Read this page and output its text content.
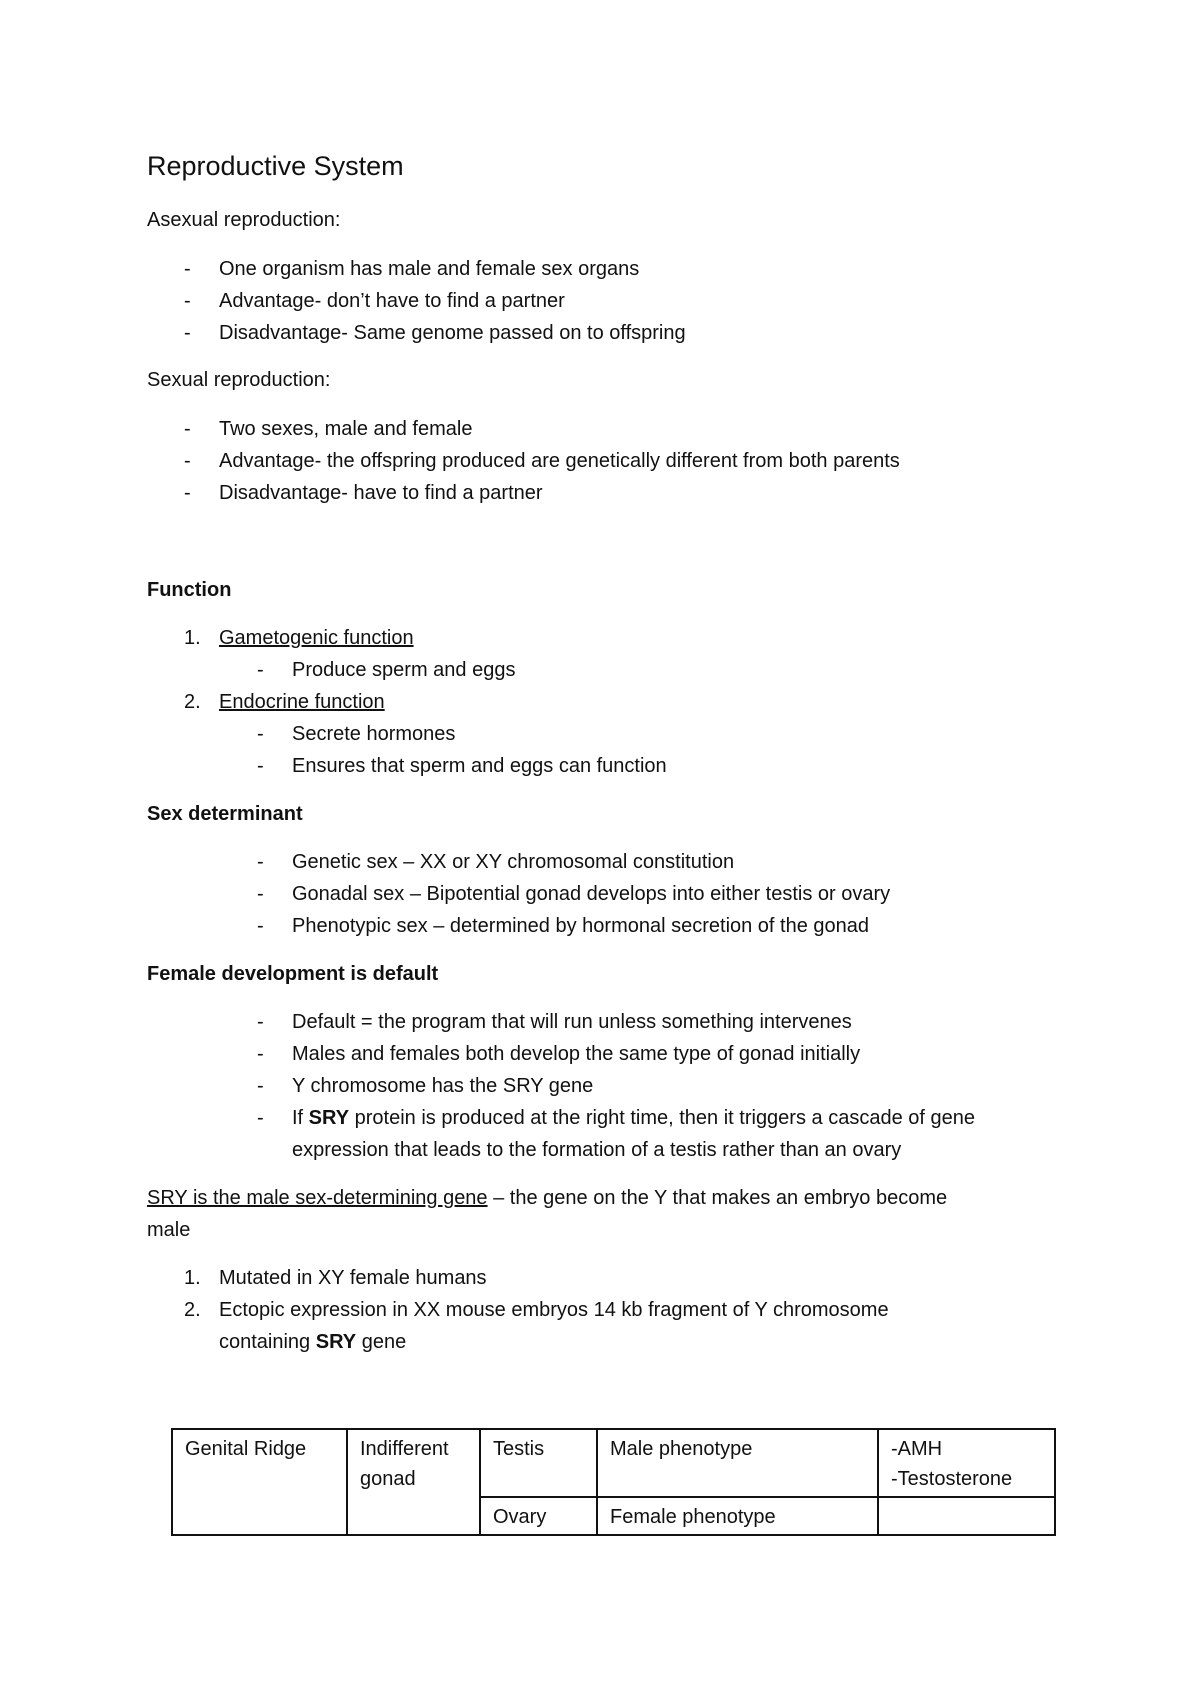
Reproductive System
Asexual reproduction:
- One organism has male and female sex organs
- Advantage- don’t have to find a partner
- Disadvantage- Same genome passed on to offspring
Sexual reproduction:
- Two sexes, male and female
- Advantage- the offspring produced are genetically different from both parents
- Disadvantage- have to find a partner
Function
1. Gametogenic function
- Produce sperm and eggs
2. Endocrine function
- Secrete hormones
- Ensures that sperm and eggs can function
Sex determinant
- Genetic sex – XX or XY chromosomal constitution
- Gonadal sex – Bipotential gonad develops into either testis or ovary
- Phenotypic sex – determined by hormonal secretion of the gonad
Female development is default
- Default = the program that will run unless something intervenes
- Males and females both develop the same type of gonad initially
- Y chromosome has the SRY gene
- If SRY protein is produced at the right time, then it triggers a cascade of gene
expression that leads to the formation of a testis rather than an ovary
SRY is the male sex-determining gene – the gene on the Y that makes an embryo become
male
1. Mutated in XY female humans
2. Ectopic expression in XX mouse embryos 14 kb fragment of Y chromosome
containing SRY gene
Genital Ridge	Indifferent gonad	Testis	Male phenotype	-AMH
-Testosterone

		Ovary	Female phenotype	
